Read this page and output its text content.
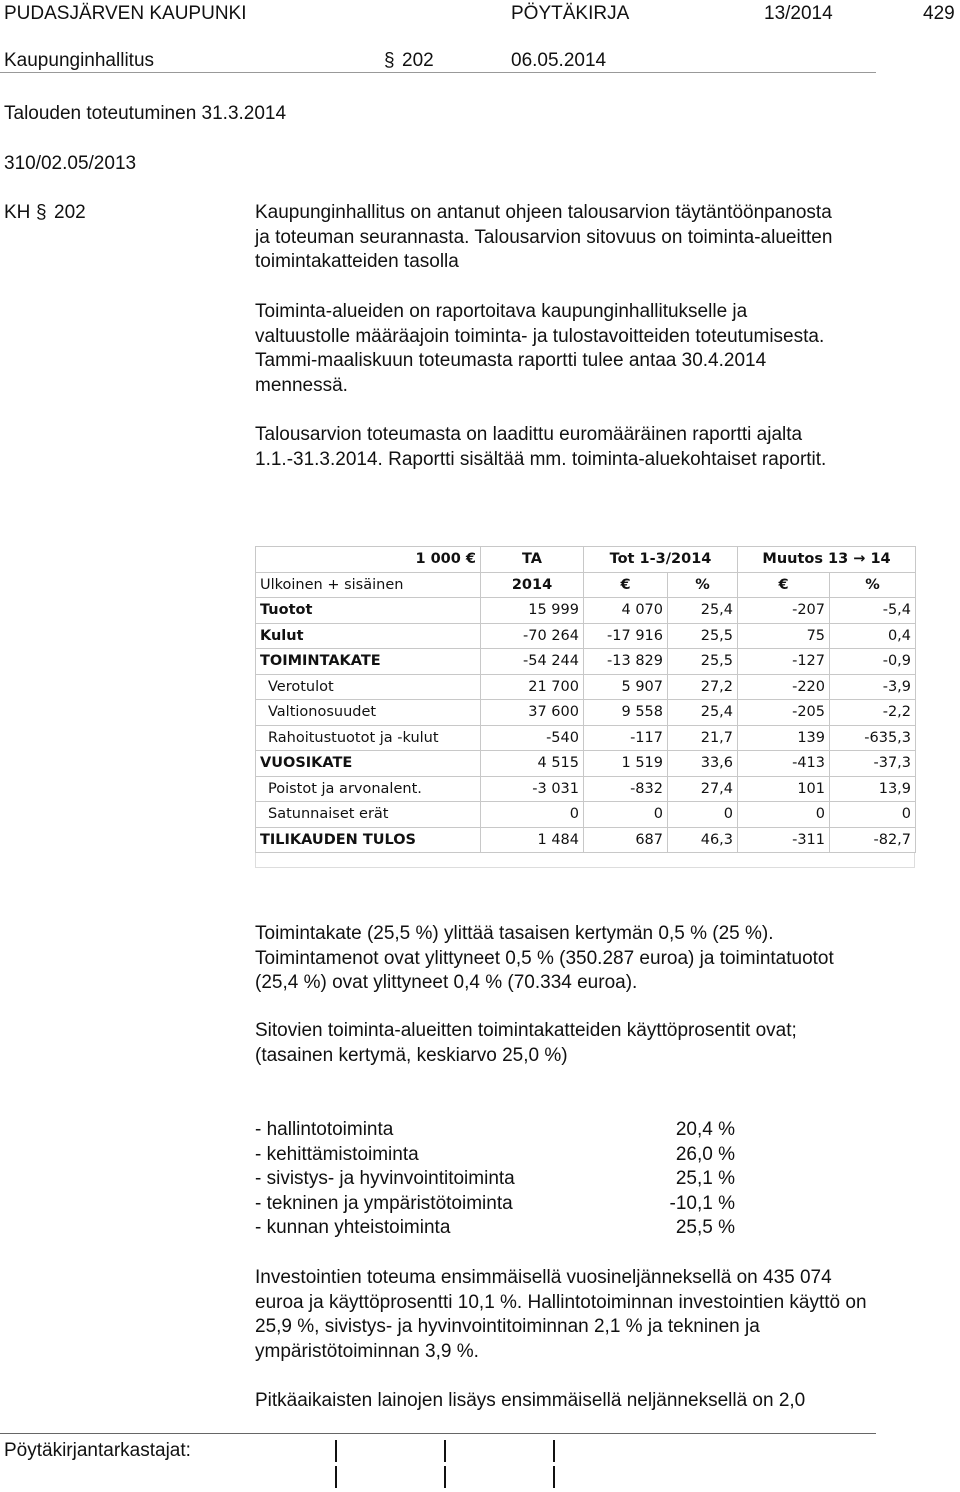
PUDASJÄRVEN KAUPUNKI	PÖYTÄKIRJA	13/2014	429
Kaupunginhallitus	§ 202	06.05.2014
Talouden toteutuminen 31.3.2014
310/02.05/2013
KH § 202	Kaupunginhallitus on antanut ohjeen talousarvion täytäntöönpanosta ja toteuman seurannasta. Talousarvion sitovuus on toiminta-alueitten toimintakatteiden tasolla

Toiminta-alueiden on raportoitava kaupunginhallitukselle ja valtuustolle määräajoin toiminta- ja tulostavoitteiden toteutumisesta. Tammi-maaliskuun toteumasta raportti tulee antaa 30.4.2014 mennessä.

Talousarvion toteumasta on laadittu euromääräinen raportti ajalta 1.1.-31.3.2014. Raportti sisältää mm. toiminta-aluekohtaiset raportit.

1 000 €	TA	Tot 1-3/2014		Muutos 13 → 14	
Ulkoinen + sisäinen	2014	€	%	€	%
Tuotot	15 999	4 070	25,4	-207	-5,4
Kulut	-70 264	-17 916	25,5	75	0,4
TOIMINTAKATE	-54 244	-13 829	25,5	-127	-0,9
Verotulot	21 700	5 907	27,2	-220	-3,9
Valtionosuudet	37 600	9 558	25,4	-205	-2,2
Rahoitustuotot ja -kulut	-540	-117	21,7	139	-635,3
VUOSIKATE	4 515	1 519	33,6	-413	-37,3
Poistot ja arvonalent.	-3 031	-832	27,4	101	13,9
Satunnaiset erät	0	0	0	0	0
TILIKAUDEN TULOS	1 484	687	46,3	-311	-82,7

Toimintakate (25,5 %) ylittää tasaisen kertymän 0,5 % (25 %). Toimintamenot ovat ylittyneet 0,5 % (350.287 euroa) ja toimintatuotot (25,4 %) ovat ylittyneet 0,4 % (70.334 euroa).

Sitovien toiminta-alueitten toimintakatteiden käyttöprosentit ovat; (tasainen kertymä, keskiarvo 25,0 %)

- hallintotoiminta	20,4 %
- kehittämistoiminta	26,0 %
- sivistys- ja hyvinvointitoiminta	25,1 %
- tekninen ja ympäristötoiminta	-10,1 %
- kunnan yhteistoiminta	25,5 %

Investointien toteuma ensimmäisellä vuosineljänneksellä on 435 074 euroa ja käyttöprosentti 10,1 %. Hallintotoiminnan investointien käyttö on 25,9 %, sivistys- ja hyvinvointitoiminnan 2,1 % ja tekninen ja ympäristötoiminnan 3,9 %.

Pitkäaikaisten lainojen lisäys ensimmäisellä neljänneksellä on 2,0

Pöytäkirjantarkastajat:
